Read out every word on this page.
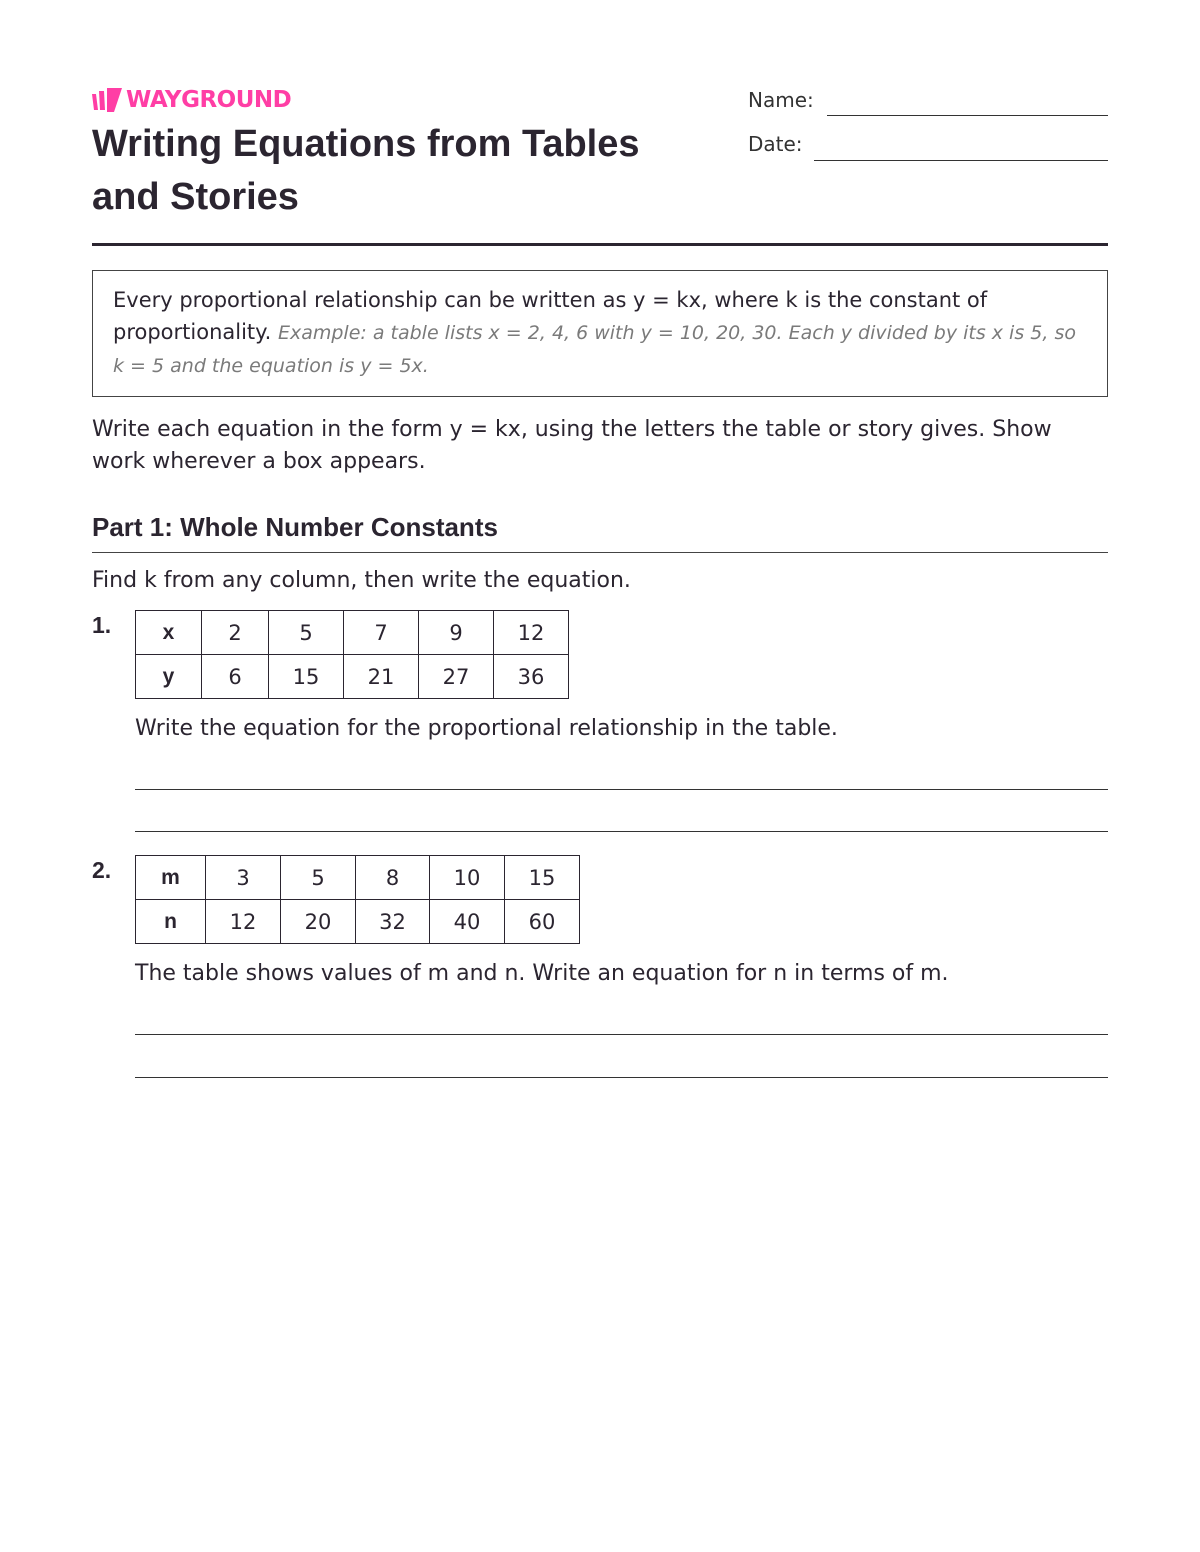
WAYGROUND
Writing Equations from Tables and Stories
Name:
Date:
Every proportional relationship can be written as y = kx, where k is the constant of proportionality. Example: a table lists x = 2, 4, 6 with y = 10, 20, 30. Each y divided by its x is 5, so k = 5 and the equation is y = 5x.

Write each equation in the form y = kx, using the letters the table or story gives. Show work wherever a box appears.

Part 1: Whole Number Constants

Find k from any column, then write the equation.

1. x	2	5	7	9	12
y	6	15	21	27	36

Write the equation for the proportional relationship in the table.

2. m	3	5	8	10	15
n	12	20	32	40	60

The table shows values of m and n. Write an equation for n in terms of m.
